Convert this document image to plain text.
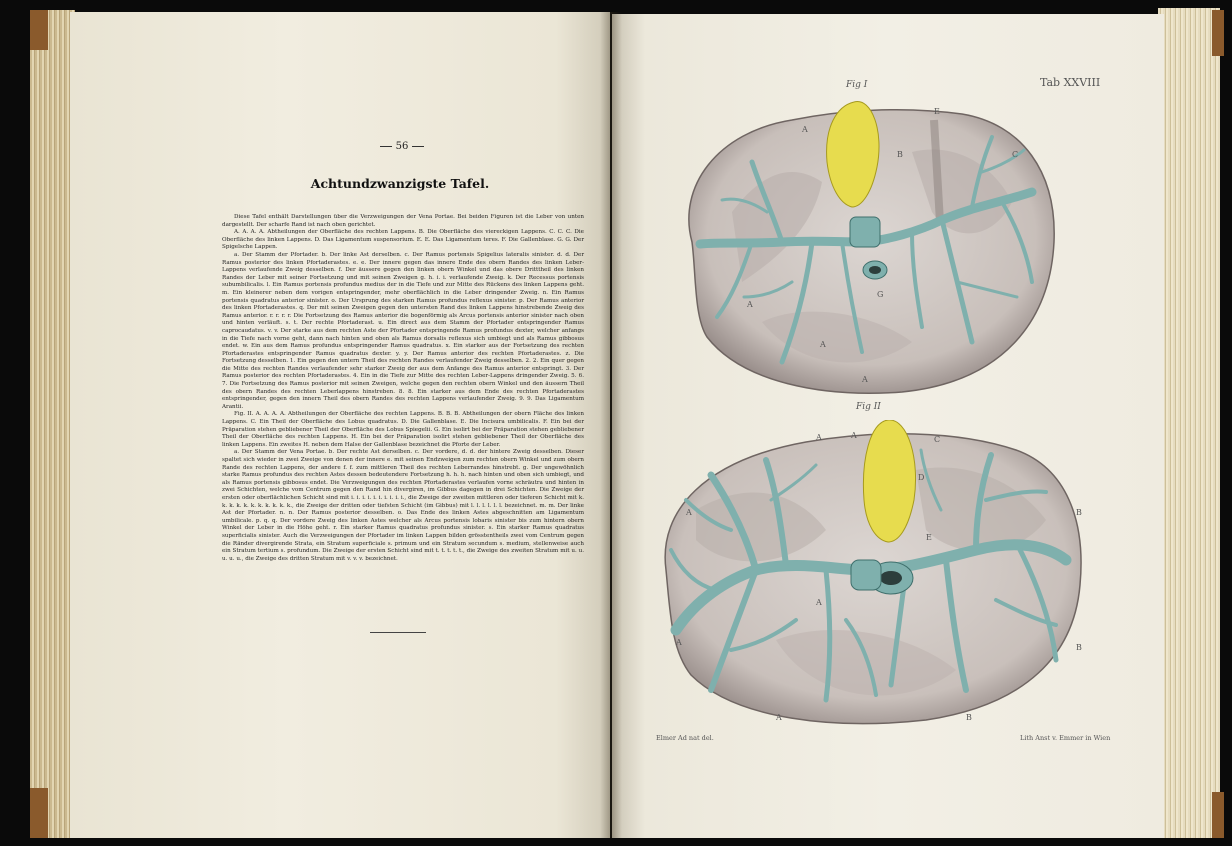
56
Achtundzwanzigste Tafel.

Diese Tafel enthält Darstellungen über die Verzweigungen der Vena Portae. Bei beiden Figuren ist die Leber von unten dargestellt. Der scharfe Rand ist nach oben gerichtet.

A. A. A. A. Abtheilungen der Oberfläche des rechten Lappens. B. Die Oberfläche des viereckigen Lappens. C. C. C. Die Oberfläche des linken Lappens. D. Das Ligamentum suspensorium. E. E. Das Ligamentum teres. F. Die Gallenblase. G. G. Der Spigelsche Lappen.

a. Der Stamm der Pfortader. b. Der linke Ast derselben. c. Der Ramus portensis Spigelius lateralis sinister. d. d. Der Ramus posterior des linken Pfortaderastes. e. e. Der innere gegen das innere Ende des obern Randes des linken Leber-Lappens verlaufende Zweig desselben. f. Der äussere gegen den linken obern Winkel und das obere Dritttheil des linken Randes der Leber mit seiner Fortsetzung und mit seinen Zweigen g. h. i. i. verlaufende Zweig. k. Der Recessus portensis subumbilicalis. l. Ein Ramus portensis profundus medius der in die Tiefe und zur Mitte des Rückens des linken Lappens geht. m. Ein kleinerer neben dem vorigen entspringender, mehr oberflächlich in die Leber dringender Zweig. n. Ein Ramus portensis quadratus anterior sinister. o. Der Ursprung des starken Ramus profundus reflexus sinister. p. Der Ramus anterior des linken Pfortaderastes. q. Der mit seinen Zweigen gegen den untersten Rand des linken Lappens hinstrebende Zweig des Ramus anterior. r. r. r. r. Die Fortsetzung des Ramus anterior die bogenförmig als Arcus portensis anterior sinister nach oben und hinten verläuft. s. t. Der rechte Pfortaderast. u. Ein direct aus dem Stamm der Pfortader entspringender Ramus caprocaudatus. v. v. Der starke aus dem rechten Aste der Pfortader entspringende Ramus profundus dexter, welcher anfangs in die Tiefe nach vorne geht, dann nach hinten und oben als Ramus dorsalis reflexus sich umbiegt und als Ramus gibbosus endet. w. Ein aus dem Ramus profundus entspringender Ramus quadratus. x. Ein starker aus der Fortsetzung des rechten Pfortaderastes entspringender Ramus quadratus dexter. y. y. Der Ramus anterior des rechten Pfortaderastes. z. Die Fortsetzung desselben. 1. Ein gegen den untern Theil des rechten Randes verlaufender Zweig desselben. 2. 2. Ein quer gegen die Mitte des rechten Randes verlaufender sehr starker Zweig der aus dem Anfange des Ramus anterior entspringt. 3. Der Ramus posterior des rechten Pfortaderastes. 4. Ein in die Tiefe zur Mitte des rechten Leber-Lappens dringender Zweig. 5. 6. 7. Die Fortsetzung des Ramus posterior mit seinen Zweigen, welche gegen den rechten obern Winkel und den äussern Theil des obern Randes des rechten Leberlappens hinstreben. 8. 8. Ein starker aus dem Ende des rechten Pfortaderastes entspringender, gegen den innern Theil des obern Randes des rechten Lappens verlaufender Zweig. 9. 9. Das Ligamentum Arantii.

Fig. II. A. A. A. A. Abtheilungen der Oberfläche des rechten Lappens. B. B. B. Abtheilungen der obern Fläche des linken Lappens. C. Ein Theil der Oberfläche des Lobus quadratus. D. Die Gallenblase. E. Die Incisura umbilicalis. F. Ein bei der Präparation stehen gebliebener Theil der Oberfläche des Lobus Spiegelii. G. Ein isolirt bei der Präparation stehen gebliebener Theil der Oberfläche des rechten Lappens. H. Ein bei der Präparation isolirt stehen gebliebener Theil der Oberfläche des linken Lappens. Ein zweites H. neben dem Halse der Gallenblase bezeichnet die Pforte der Leber.

a. Der Stamm der Vena Portae. b. Der rechte Ast derselben. c. Der vordere, d. d. der hintere Zweig desselben. Dieser spaltet sich wieder in zwei Zweige von denen der innere e. mit seinen Endzweigen zum rechten obern Winkel und zum obern Rande des rechten Lappens, der andere f. f. zum mittleren Theil des rechten Leberrandes hinstrebt. g. Der ungewöhnlich starke Ramus profundus des rechten Astes dessen bedeutendere Fortsetzung h. h. h. nach hinten und oben sich umbiegt, und als Ramus portensis gibbosus endet. Die Verzweigungen des rechten Pfortaderastes verlaufen vorne schräutra und hinten in zwei Schichten, welche vom Centrum gegen den Rand hin divergiren, im Gibbus dagegen in drei Schichten. Die Zweige der ersten oder oberflächlichen Schicht sind mit i. i. i. i. i. i. i. i. i. i., die Zweige der zweiten mittleren oder tieferen Schicht mit k. k. k. k. k. k. k. k. k. k. k., die Zweige der dritten oder tiefsten Schicht (im Gibbus) mit l. l. l. l. l. l. bezeichnet. m. m. Der linke Ast der Pfortader. n. n. Der Ramus posterior desselben. o. Das Ende des linken Astes abgeschnitten am Ligamentum umbilicale. p. q. q. Der vordere Zweig des linken Astes welcher als Arcus portensis lobaris sinister bis zum hintern obern Winkel der Leber in die Höhe geht. r. Ein starker Ramus quadratus profundus sinister. s. Ein starker Ramus quadratus superficialis sinister. Auch die Verzweigungen der Pfortader im linken Lappen bilden grösstentheils zwei vom Centrum gegen die Ränder divergirende Strata, ein Stratum superficiale s. primum und ein Stratum secundum s. medium, stellenweise auch ein Stratum tertium s. profundum. Die Zweige der ersten Schicht sind mit t. t. t. t. t., die Zweige des zweiten Stratum mit u. u. u. u. u., die Zweige des dritten Stratum mit v. v. v. bezeichnet.

Tab XXVIII
Fig I
Fig II
A
B	C
E
G
A
A
A
A
A	A
B
C
D
E
A	B
A
A
B
Elmer Ad nat del.	Lith Anst v. Emmer in Wien
